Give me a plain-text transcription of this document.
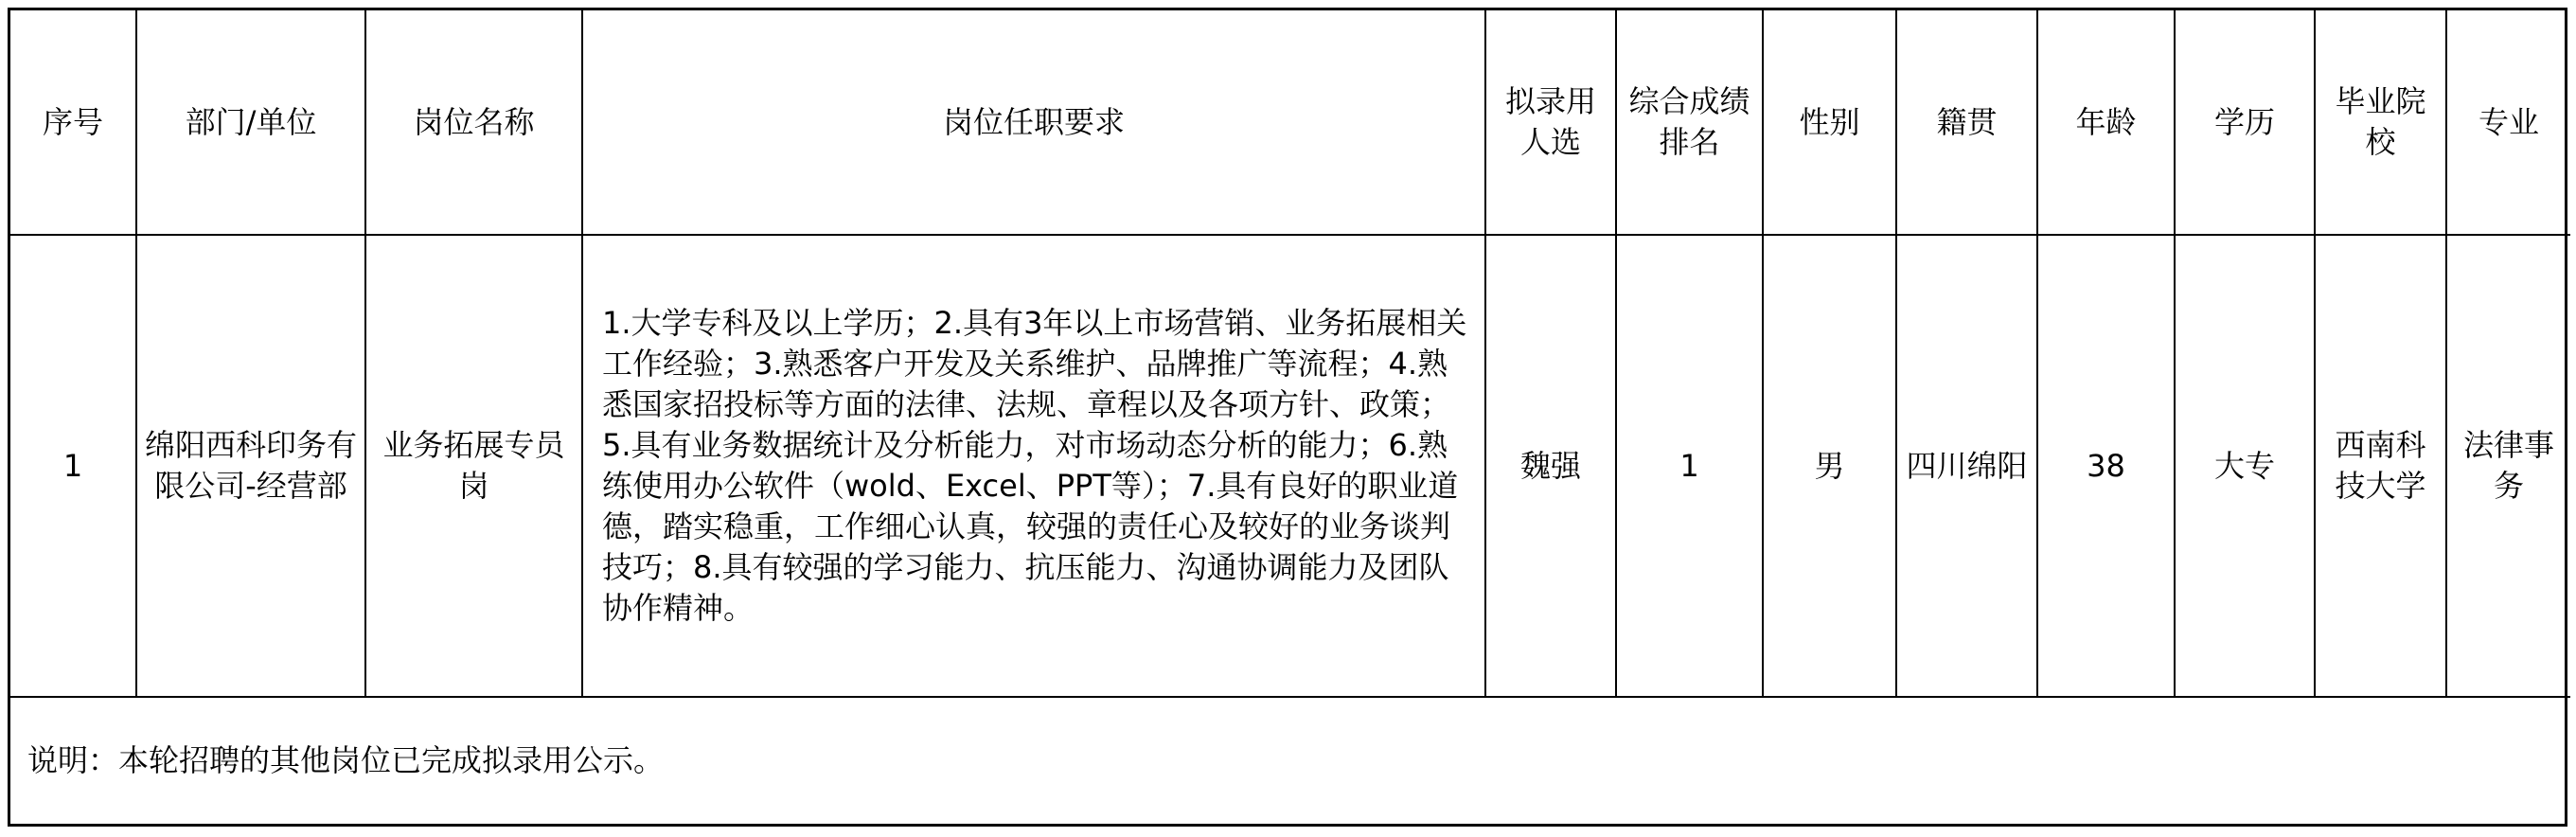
序号	部门/单位	岗位名称	岗位任职要求	拟录用人选	综合成绩排名	性别	籍贯	年龄	学历	毕业院校	专业
1	绵阳西科印务有限公司-经营部	业务拓展专员岗	1.大学专科及以上学历；2.具有3年以上市场营销、业务拓展相关工作经验；3.熟悉客户开发及关系维护、品牌推广等流程；4.熟悉国家招投标等方面的法律、法规、章程以及各项方针、政策；5.具有业务数据统计及分析能力，对市场动态分析的能力；6.熟练使用办公软件（wold、Excel、PPT等）；7.具有良好的职业道德，踏实稳重，工作细心认真，较强的责任心及较好的业务谈判技巧；8.具有较强的学习能力、抗压能力、沟通协调能力及团队协作精神。	魏强	1	男	四川绵阳	38	大专	西南科技大学	法律事务
说明：本轮招聘的其他岗位已完成拟录用公示。											
